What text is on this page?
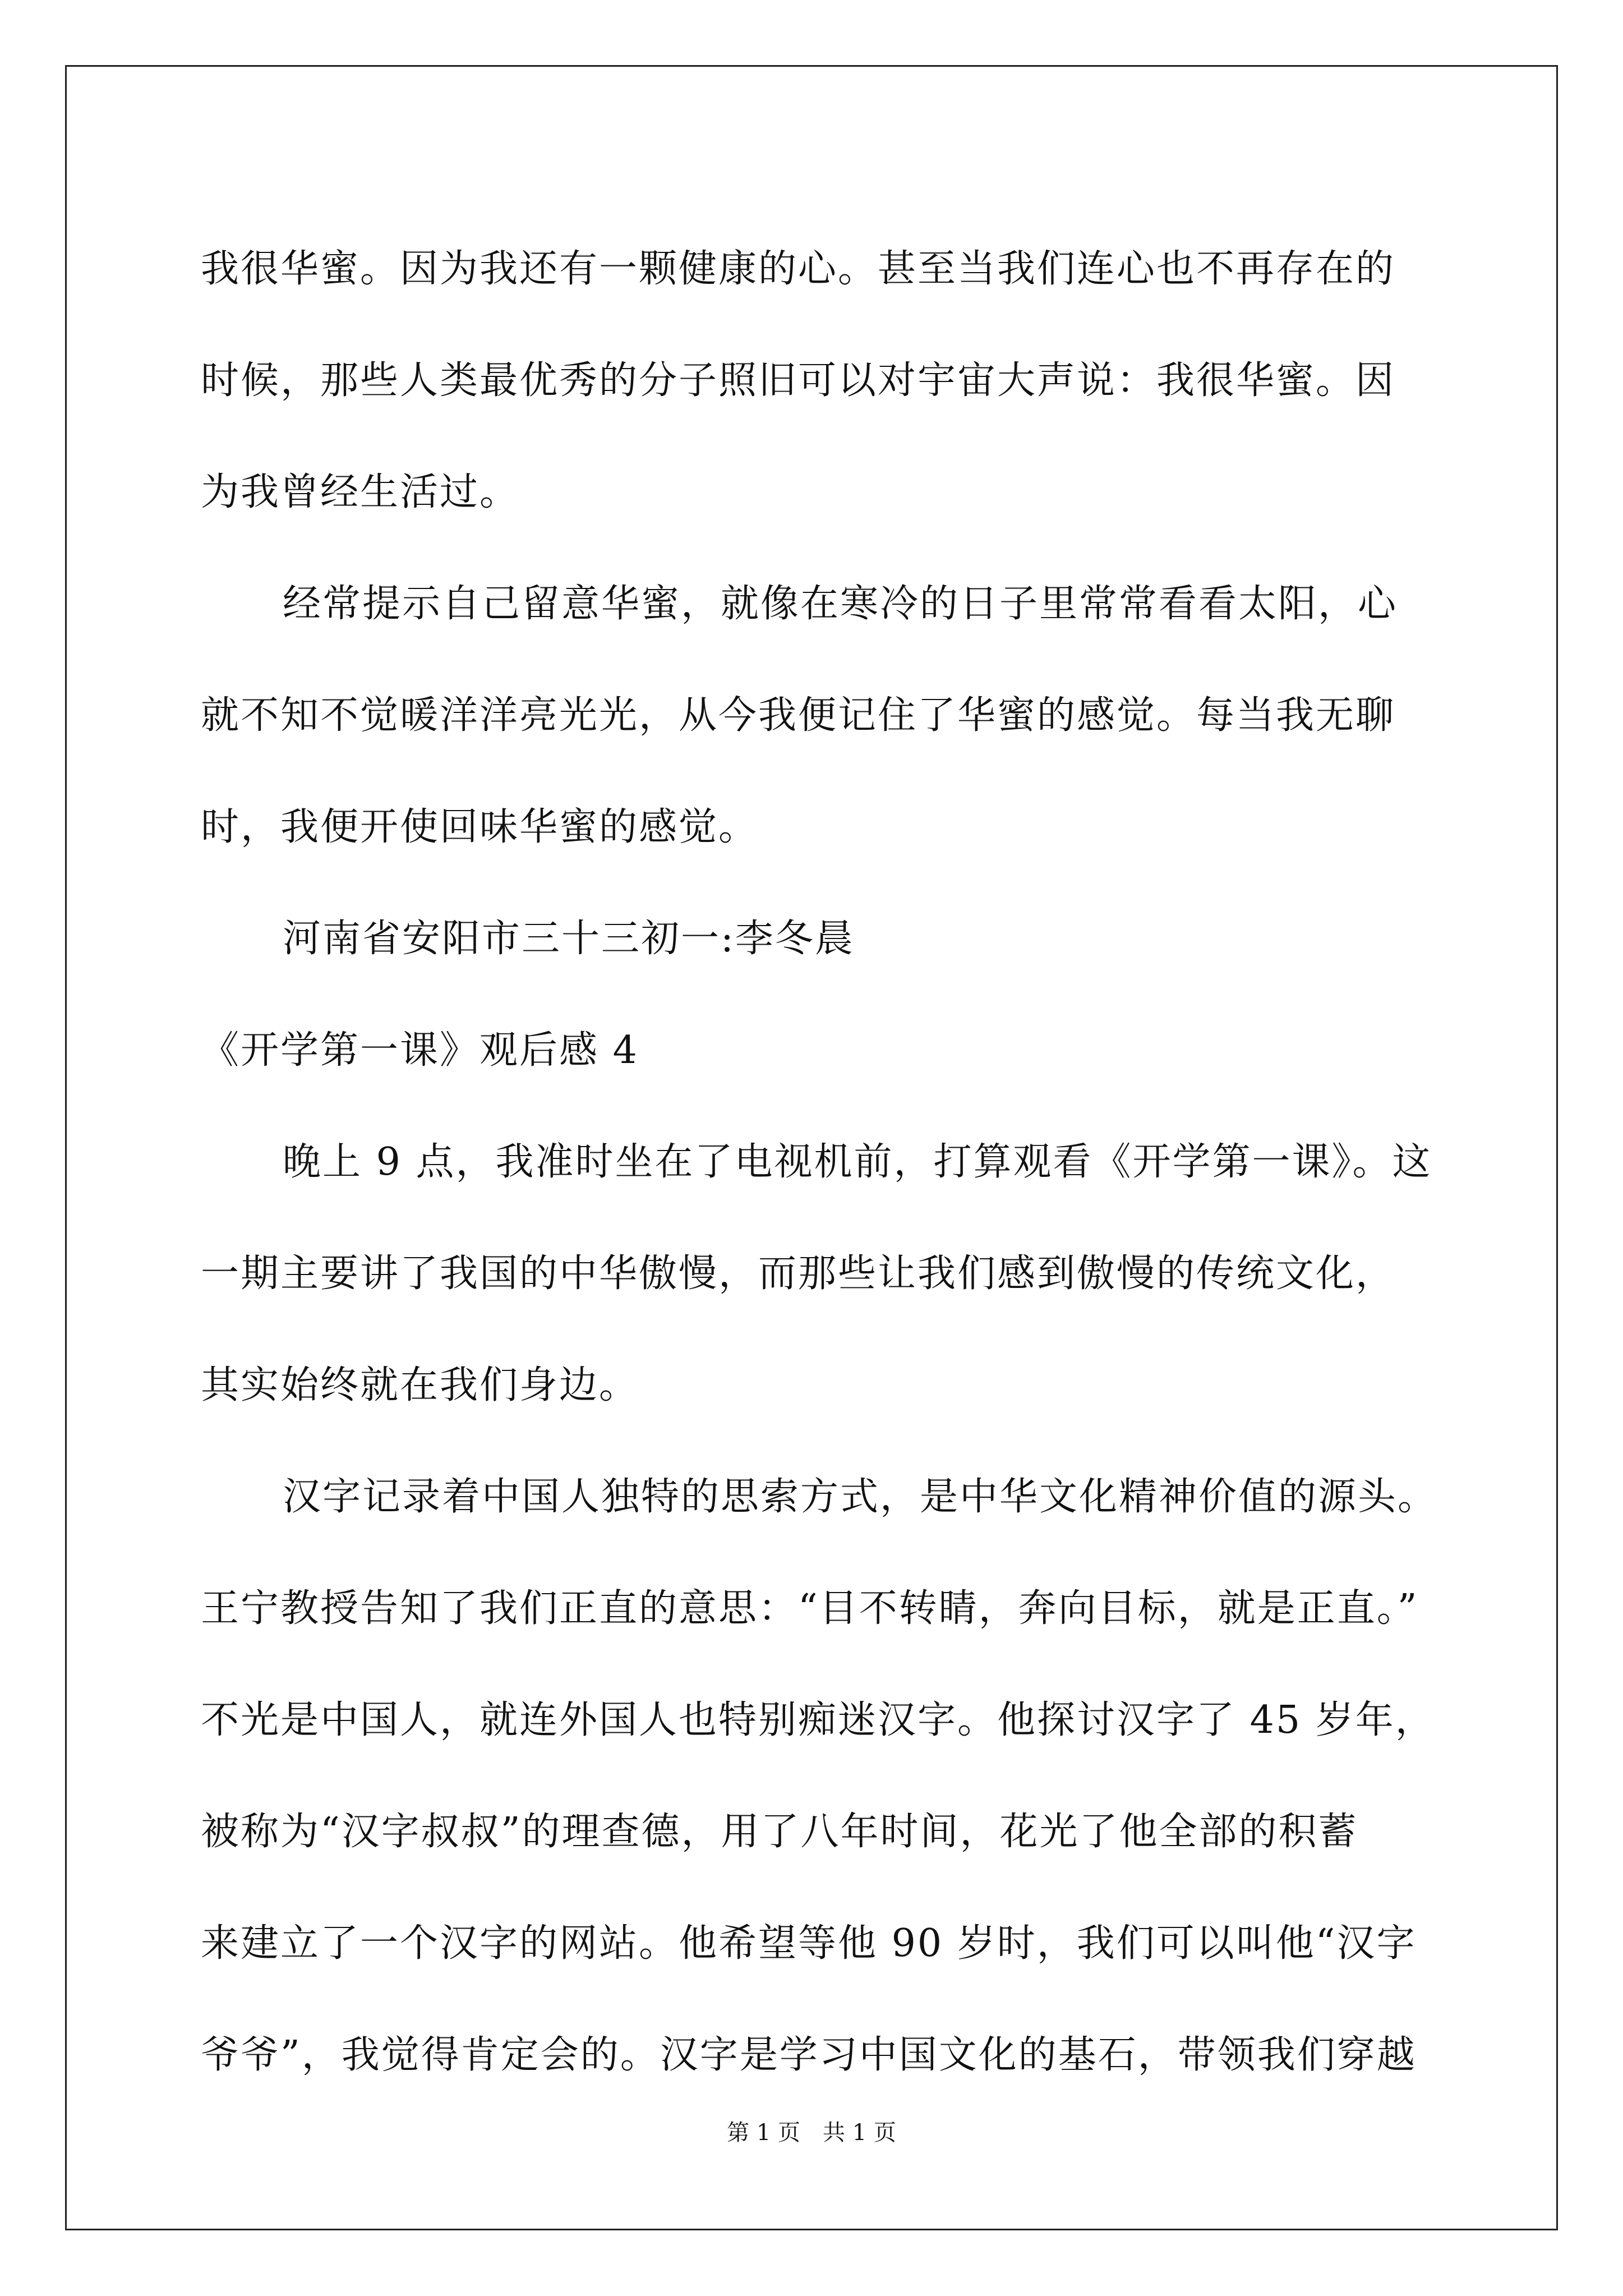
我很华蜜。因为我还有一颗健康的心。甚至当我们连心也不再存在的
时候，那些人类最优秀的分子照旧可以对宇宙大声说：我很华蜜。因
为我曾经生活过。
经常提示自己留意华蜜，就像在寒冷的日子里常常看看太阳，心
就不知不觉暖洋洋亮光光，从今我便记住了华蜜的感觉。每当我无聊
时，我便开使回味华蜜的感觉。
河南省安阳市三十三初一:李冬晨
《开学第一课》观后感 4
晚上 9 点，我准时坐在了电视机前，打算观看《开学第一课》。这
一期主要讲了我国的中华傲慢，而那些让我们感到傲慢的传统文化，
其实始终就在我们身边。
汉字记录着中国人独特的思索方式，是中华文化精神价值的源头。
王宁教授告知了我们正直的意思：“目不转睛，奔向目标，就是正直。”
不光是中国人，就连外国人也特别痴迷汉字。他探讨汉字了 45 岁年，
被称为“汉字叔叔”的理查德，用了八年时间，花光了他全部的积蓄
来建立了一个汉字的网站。他希望等他 90 岁时，我们可以叫他“汉字
爷爷”，我觉得肯定会的。汉字是学习中国文化的基石，带领我们穿越
第 1 页　共 1 页
